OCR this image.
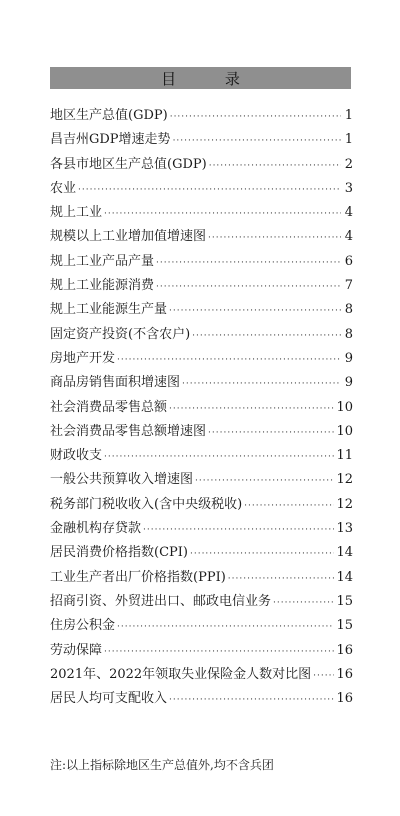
目 录
地区生产总值(GDP) ·····	1
昌吉州GDP增速走势 ·····	1
各县市地区生产总值(GDP) ·····	2
农业 ·····	3
规上工业 ·····	4
规模以上工业增加值增速图 ·····	4
规上工业产品产量 ·····	6
规上工业能源消费 ·····	7
规上工业能源生产量 ·····	8
固定资产投资(不含农户) ·····	8
房地产开发 ·····	9
商品房销售面积增速图 ·····	9
社会消费品零售总额 ·····	10
社会消费品零售总额增速图 ·····	10
财政收支 ·····	11
一般公共预算收入增速图 ·····	12
税务部门税收收入(含中央级税收) ·····	12
金融机构存贷款 ·····	13
居民消费价格指数(CPI) ·····	14
工业生产者出厂价格指数(PPI) ·····	14
招商引资、外贸进出口、邮政电信业务 ·····	15
住房公积金 ·····	15
劳动保障 ·····	16
2021年、2022年领取失业保险金人数对比图 ····· 16
居民人均可支配收入 ·····	16
注:以上指标除地区生产总值外,均不含兵团
